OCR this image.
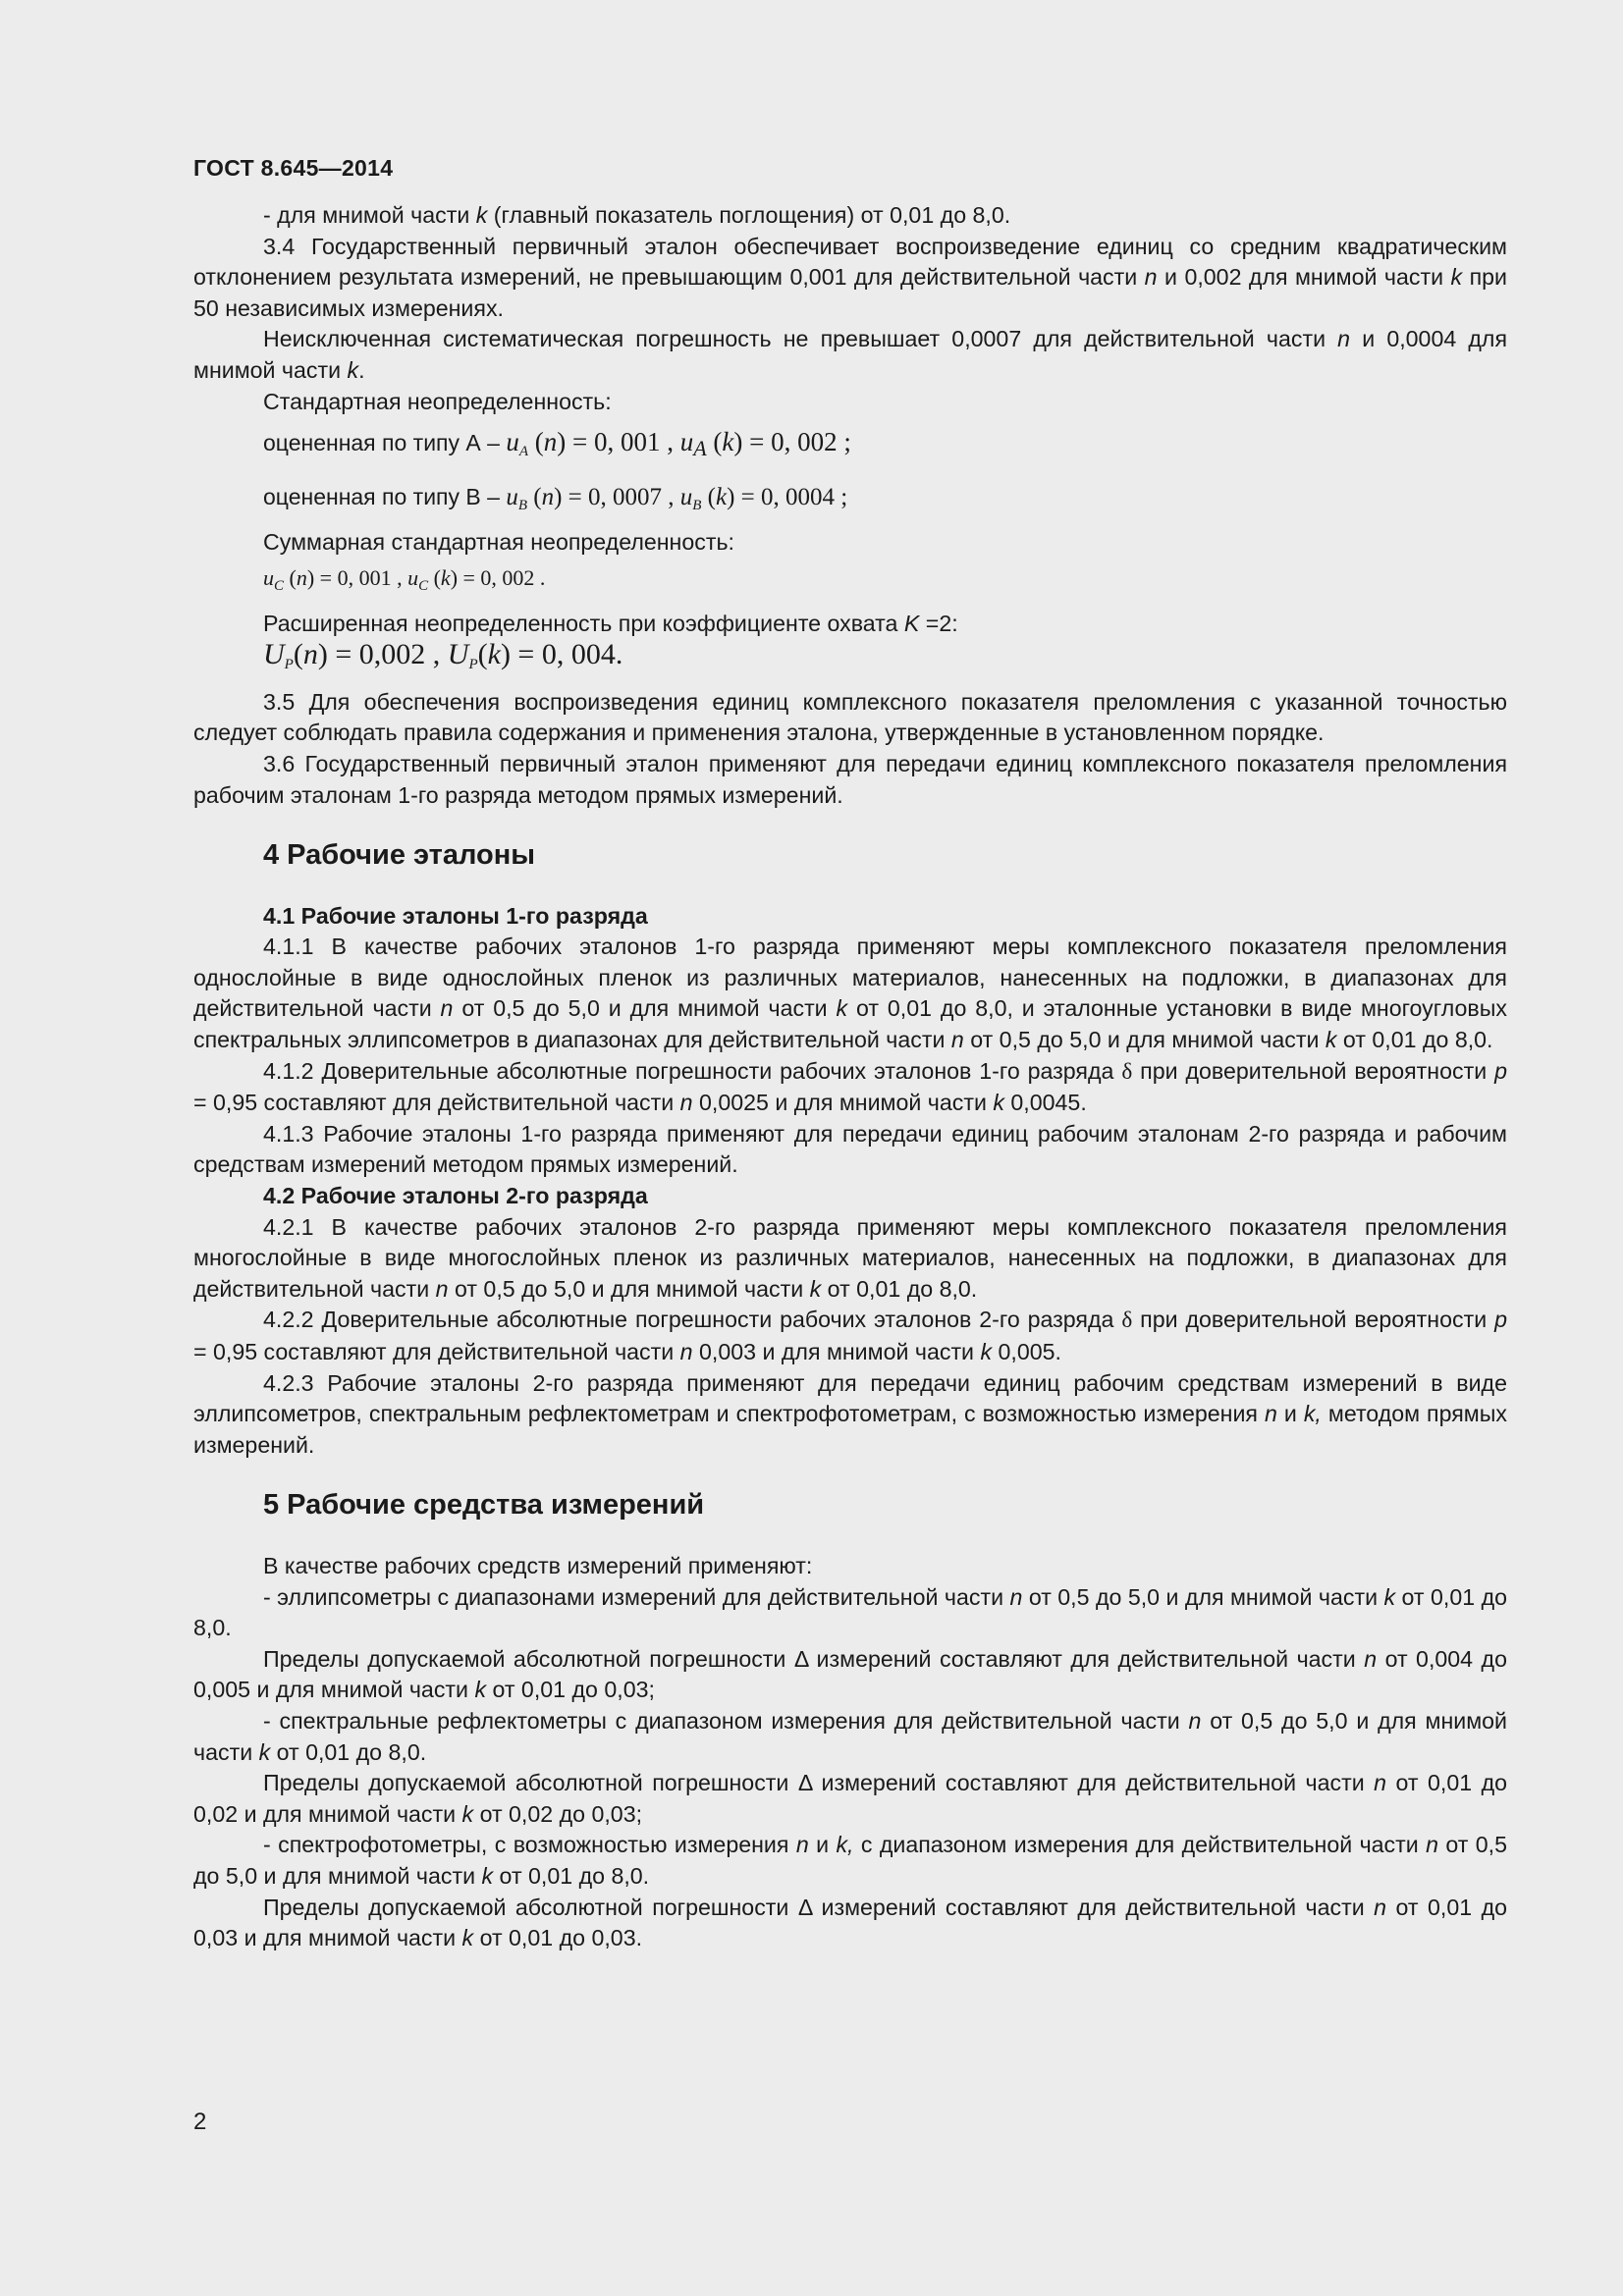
ГОСТ 8.645—2014

- для мнимой части k (главный показатель поглощения) от 0,01 до 8,0.

3.4 Государственный первичный эталон обеспечивает воспроизведение единиц со средним квадратическим отклонением результата измерений, не превышающим 0,001 для действительной части n и 0,002 для мнимой части k при 50 независимых измерениях.

Неисключенная систематическая погрешность не превышает 0,0007 для действительной части n и 0,0004 для мнимой части k.

Стандартная неопределенность:

оцененная по типу А – $u_A$ (n) = 0, 001 , $u_A$ (k) = 0, 002 ;

оцененная по типу В – $u_B$ (n) = 0, 0007 , $u_B$ (k) = 0, 0004 ;

Суммарная стандартная неопределенность:

$u_C$ (n) = 0, 001 , $u_C$ (k) = 0, 002 .

Расширенная неопределенность при коэффициенте охвата K =2:

$U_P(n) = 0,002$ , $U_P(k) = 0$, 004.

3.5 Для обеспечения воспроизведения единиц комплексного показателя преломления с указанной точностью следует соблюдать правила содержания и применения эталона, утвержденные в установленном порядке.

3.6 Государственный первичный эталон применяют для передачи единиц комплексного показателя преломления рабочим эталонам 1-го разряда методом прямых измерений.

4 Рабочие эталоны

4.1 Рабочие эталоны 1-го разряда

4.1.1 В качестве рабочих эталонов 1-го разряда применяют меры комплексного показателя преломления однослойные в виде однослойных пленок из различных материалов, нанесенных на подложки, в диапазонах для действительной части n от 0,5 до 5,0 и для мнимой части k от 0,01 до 8,0, и эталонные установки в виде многоугловых спектральных эллипсометров в диапазонах для действительной части n от 0,5 до 5,0 и для мнимой части k от 0,01 до 8,0.

4.1.2 Доверительные абсолютные погрешности рабочих эталонов 1-го разряда δ при доверительной вероятности p = 0,95 составляют для действительной части n 0,0025 и для мнимой части k 0,0045.

4.1.3 Рабочие эталоны 1-го разряда применяют для передачи единиц рабочим эталонам 2-го разряда и рабочим средствам измерений методом прямых измерений.

4.2 Рабочие эталоны 2-го разряда

4.2.1 В качестве рабочих эталонов 2-го разряда применяют меры комплексного показателя преломления многослойные в виде многослойных пленок из различных материалов, нанесенных на подложки, в диапазонах для действительной части n от 0,5 до 5,0 и для мнимой части k от 0,01 до 8,0.

4.2.2 Доверительные абсолютные погрешности рабочих эталонов 2-го разряда δ при доверительной вероятности p = 0,95 составляют для действительной части n 0,003 и для мнимой части k 0,005.

4.2.3 Рабочие эталоны 2-го разряда применяют для передачи единиц рабочим средствам измерений в виде эллипсометров, спектральным рефлектометрам и спектрофотометрам, с возможностью измерения n и k, методом прямых измерений.

5 Рабочие средства измерений

В качестве рабочих средств измерений применяют:

- эллипсометры с диапазонами измерений для действительной части n от 0,5 до 5,0 и для мнимой части k от 0,01 до 8,0.

Пределы допускаемой абсолютной погрешности Δ измерений составляют для действительной части n от 0,004 до 0,005 и для мнимой части k от 0,01 до 0,03;

- спектральные рефлектометры с диапазоном измерения для действительной части n от 0,5 до 5,0 и для мнимой части k от 0,01 до 8,0.

Пределы допускаемой абсолютной погрешности Δ измерений составляют для действительной части n от 0,01 до 0,02 и для мнимой части k от 0,02 до 0,03;

- спектрофотометры, с возможностью измерения n и k, с диапазоном измерения для действительной части n от 0,5 до 5,0 и для мнимой части k от 0,01 до 8,0.

Пределы допускаемой абсолютной погрешности Δ измерений составляют для действительной части n от 0,01 до 0,03 и для мнимой части k от 0,01 до 0,03.

2
